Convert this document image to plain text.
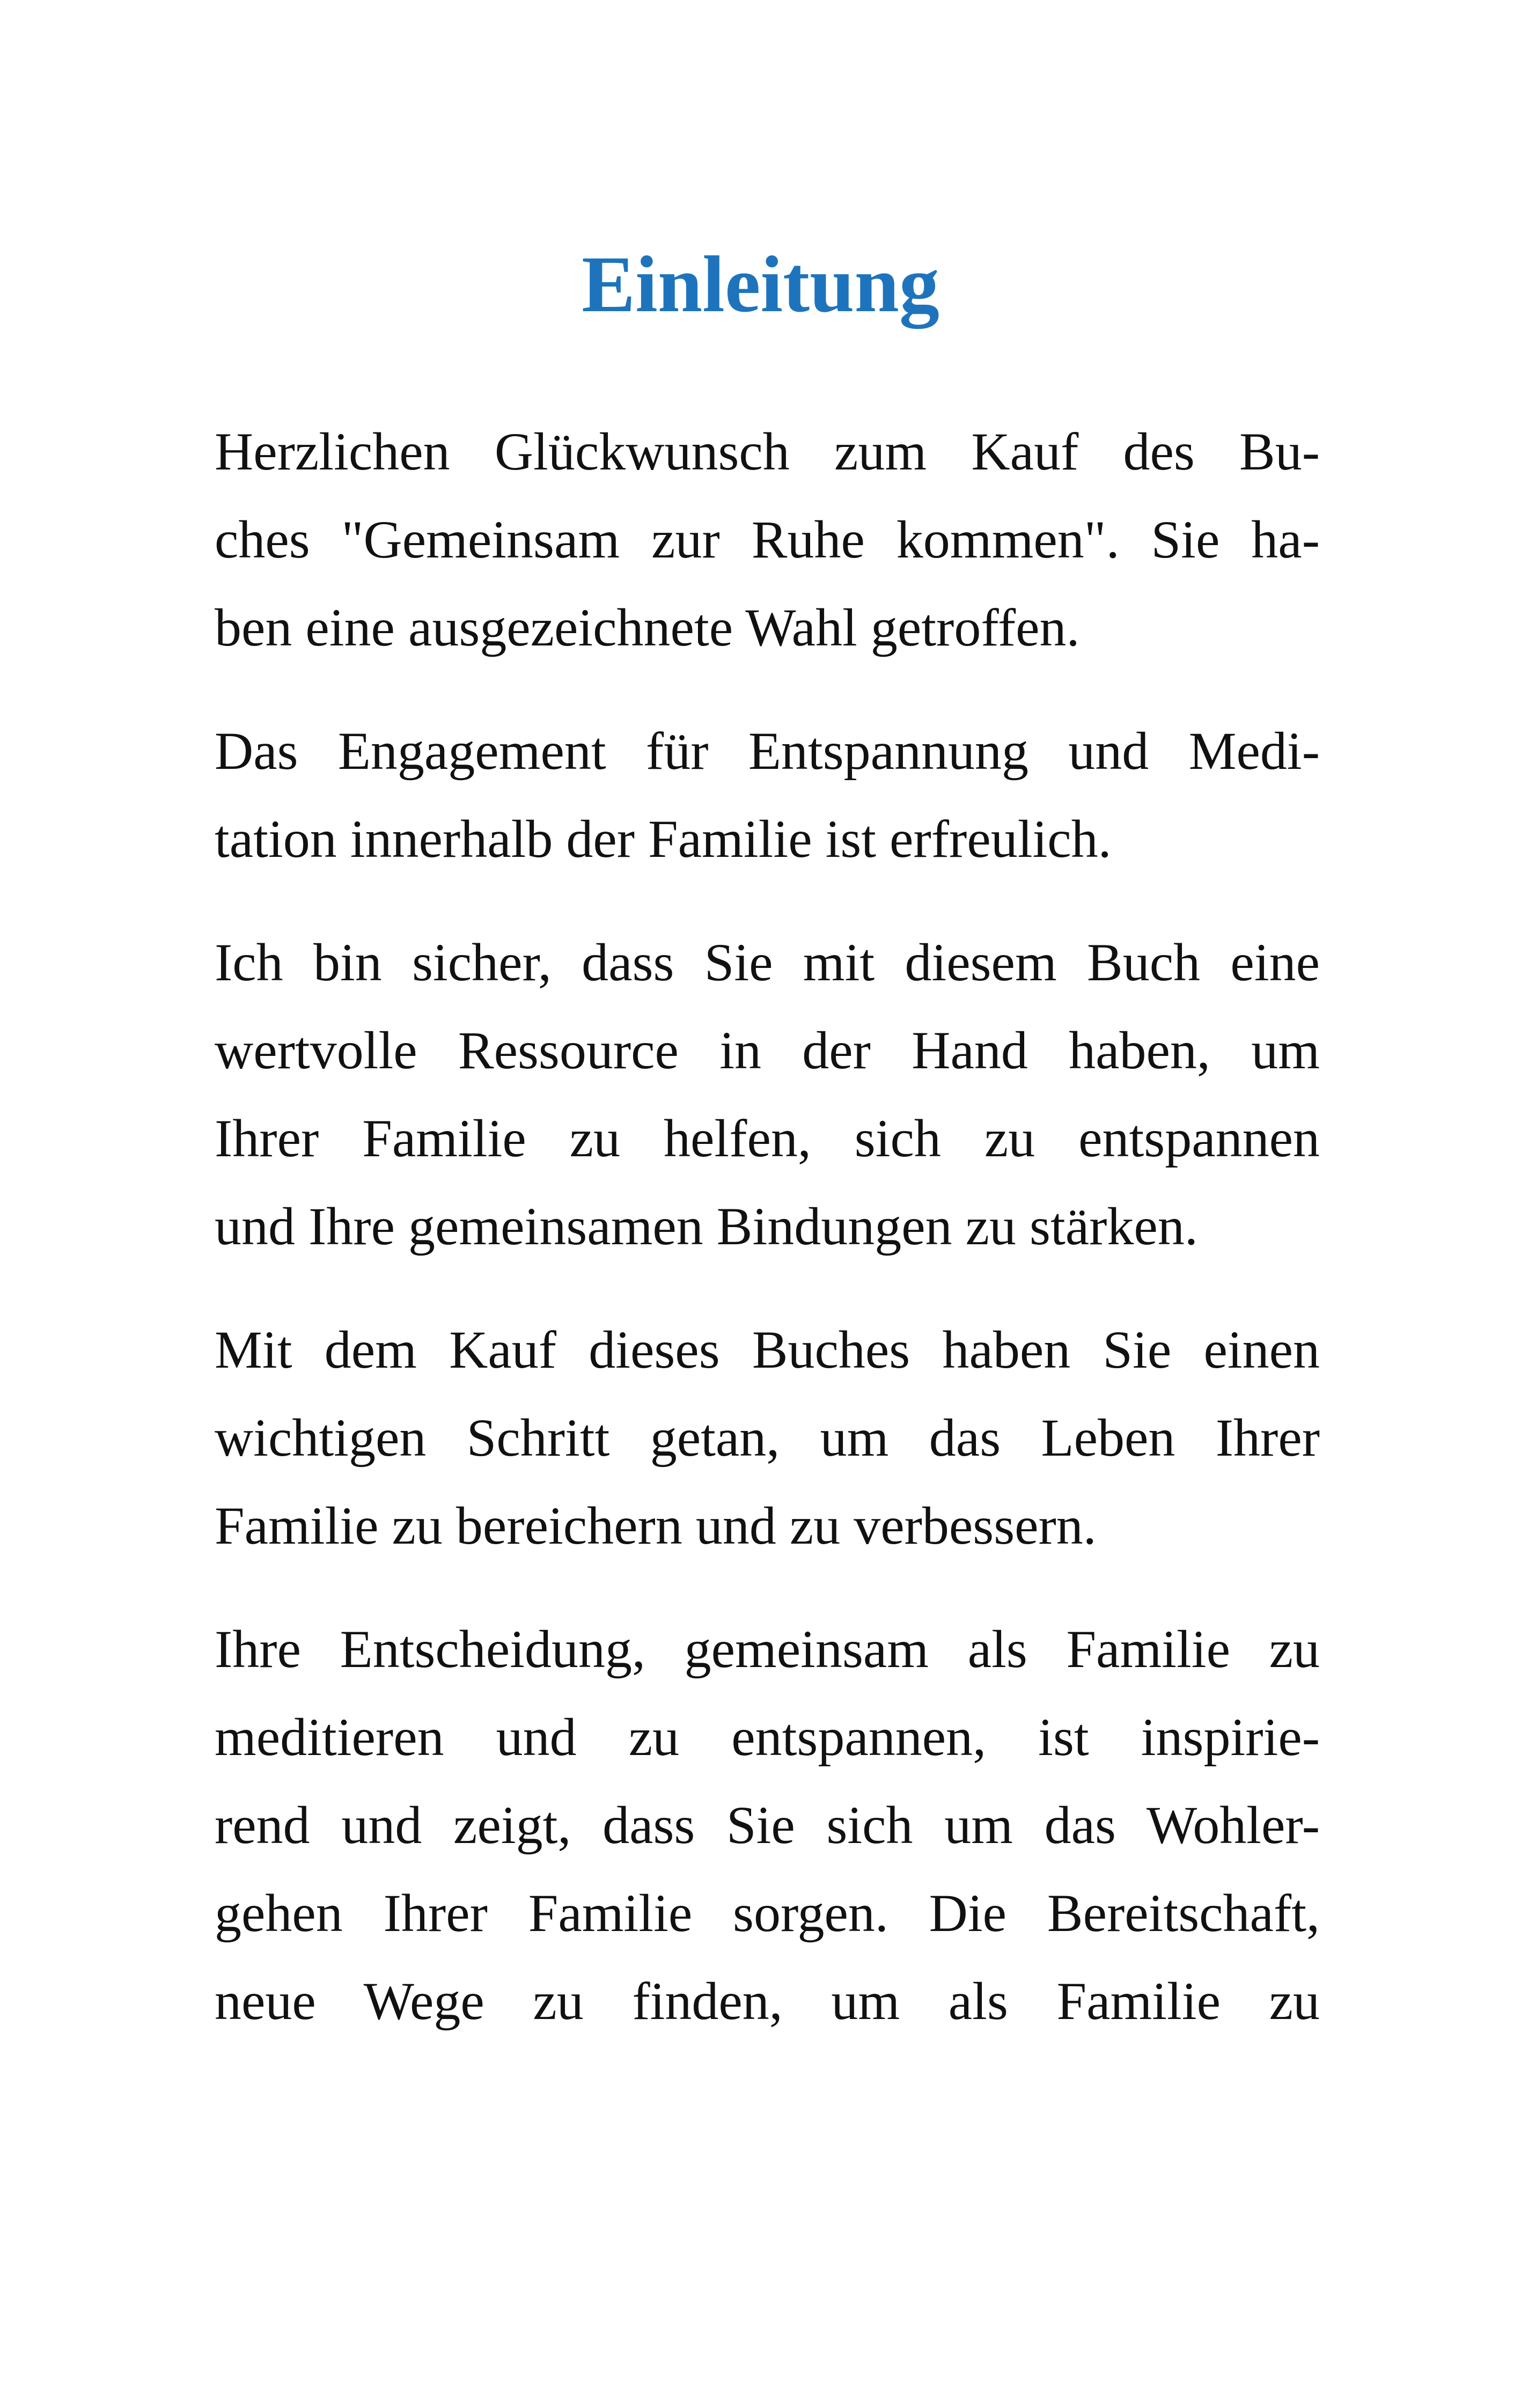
Einleitung
Herzlichen Glückwunsch zum Kauf des Bu-
ches "Gemeinsam zur Ruhe kommen". Sie ha-
ben eine ausgezeichnete Wahl getroffen.
Das Engagement für Entspannung und Medi-
tation innerhalb der Familie ist erfreulich.
Ich bin sicher, dass Sie mit diesem Buch eine
wertvolle Ressource in der Hand haben, um
Ihrer Familie zu helfen, sich zu entspannen
und Ihre gemeinsamen Bindungen zu stärken.
Mit dem Kauf dieses Buches haben Sie einen
wichtigen Schritt getan, um das Leben Ihrer
Familie zu bereichern und zu verbessern.
Ihre Entscheidung, gemeinsam als Familie zu
meditieren und zu entspannen, ist inspirie-
rend und zeigt, dass Sie sich um das Wohler-
gehen Ihrer Familie sorgen. Die Bereitschaft,
neue Wege zu finden, um als Familie zu
